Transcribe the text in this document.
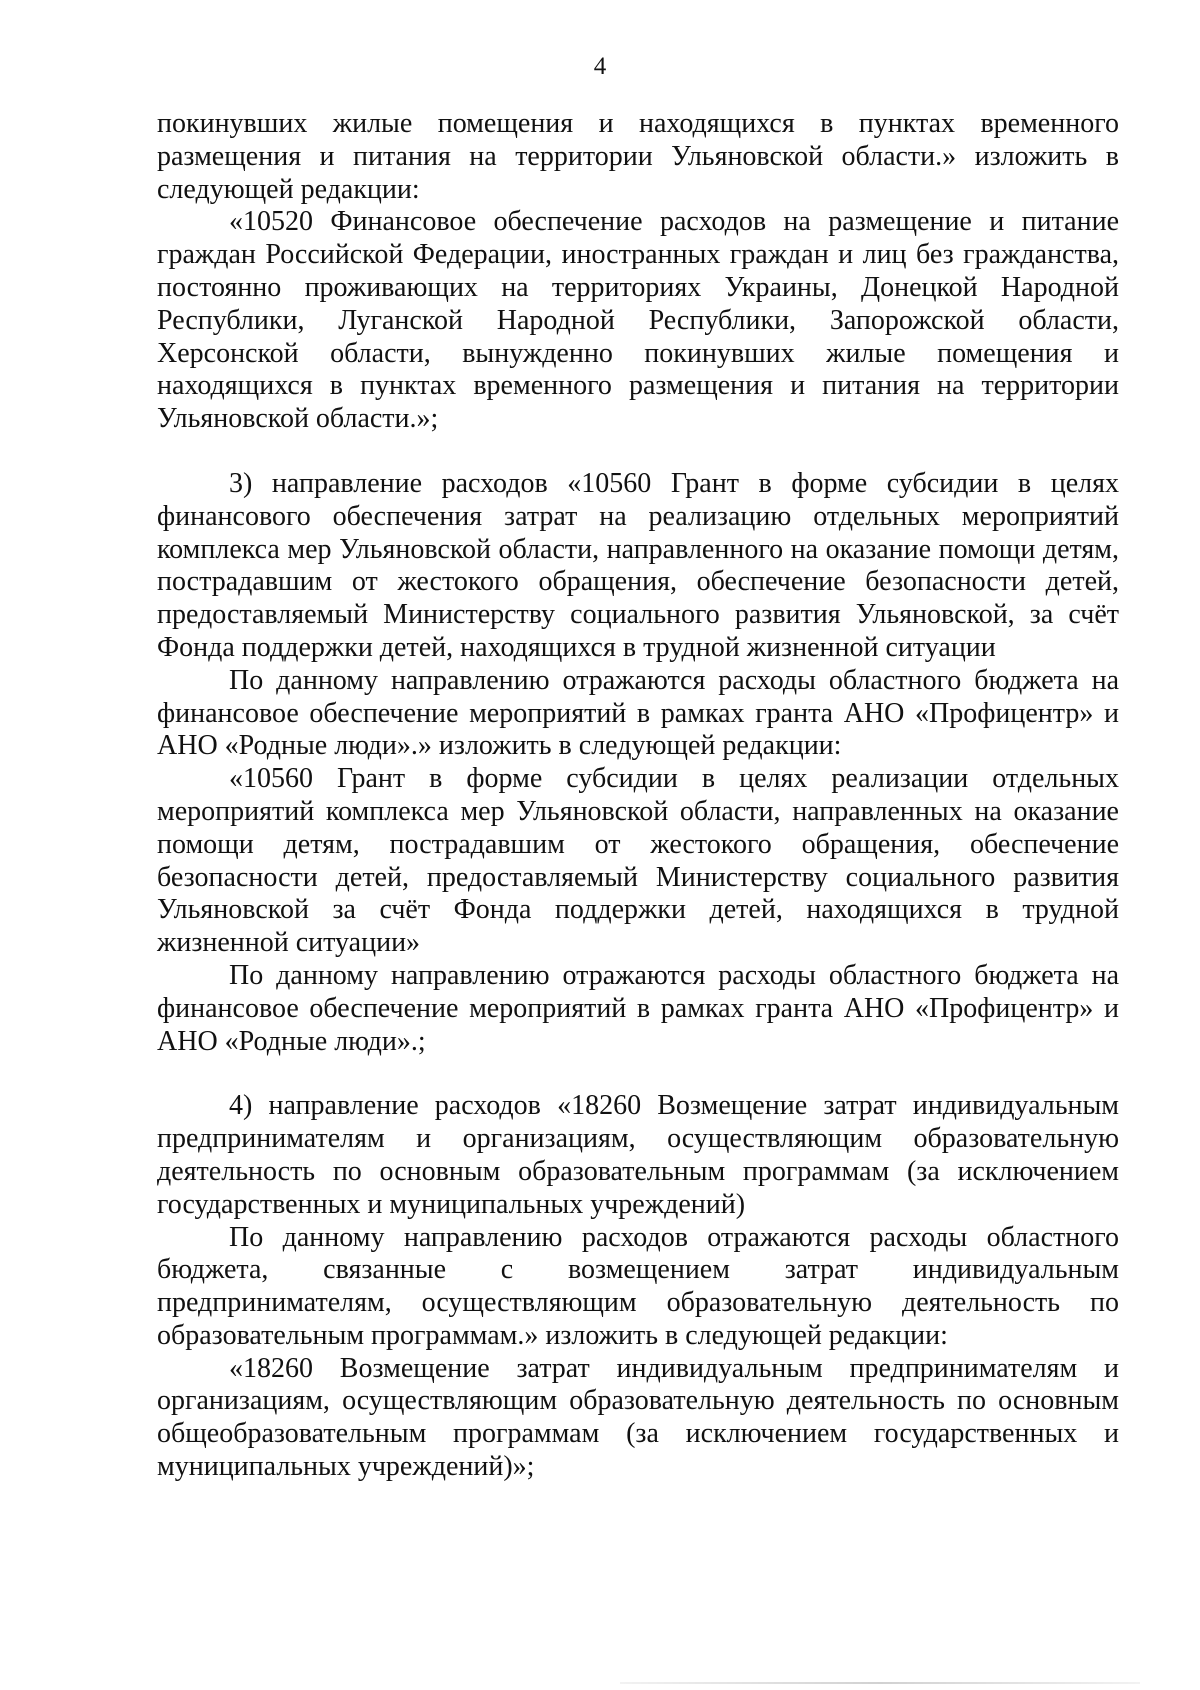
4

покинувших жилые помещения и находящихся в пунктах временного размещения и питания на территории Ульяновской области.» изложить в следующей редакции:

«10520 Финансовое обеспечение расходов на размещение и питание граждан Российской Федерации, иностранных граждан и лиц без гражданства, постоянно проживающих на территориях Украины, Донецкой Народной Республики, Луганской Народной Республики, Запорожской области, Херсонской области, вынужденно покинувших жилые помещения и находящихся в пунктах временного размещения и питания на территории Ульяновской области.»;

3) направление расходов «10560 Грант в форме субсидии в целях финансового обеспечения затрат на реализацию отдельных мероприятий комплекса мер Ульяновской области, направленного на оказание помощи детям, пострадавшим от жестокого обращения, обеспечение безопасности детей, предоставляемый Министерству социального развития Ульяновской, за счёт Фонда поддержки детей, находящихся в трудной жизненной ситуации

По данному направлению отражаются расходы областного бюджета на финансовое обеспечение мероприятий в рамках гранта АНО «Профицентр» и АНО «Родные люди».» изложить в следующей редакции:

«10560 Грант в форме субсидии в целях реализации отдельных мероприятий комплекса мер Ульяновской области, направленных на оказание помощи детям, пострадавшим от жестокого обращения, обеспечение безопасности детей, предоставляемый Министерству социального развития Ульяновской за счёт Фонда поддержки детей, находящихся в трудной жизненной ситуации»

По данному направлению отражаются расходы областного бюджета на финансовое обеспечение мероприятий в рамках гранта АНО «Профицентр» и АНО «Родные люди».;

4) направление расходов «18260 Возмещение затрат индивидуальным предпринимателям и организациям, осуществляющим образовательную деятельность по основным образовательным программам (за исключением государственных и муниципальных учреждений)

По данному направлению расходов отражаются расходы областного бюджета, связанные с возмещением затрат индивидуальным предпринимателям, осуществляющим образовательную деятельность по образовательным программам.» изложить в следующей редакции:

«18260 Возмещение затрат индивидуальным предпринимателям и организациям, осуществляющим образовательную деятельность по основным общеобразовательным программам (за исключением государственных и муниципальных учреждений)»;
